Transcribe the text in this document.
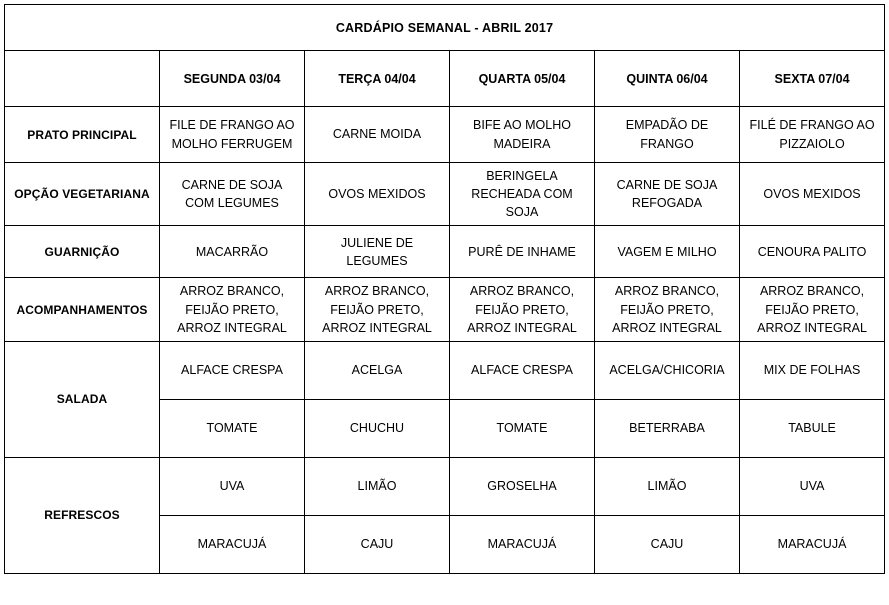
CARDÁPIO SEMANAL - ABRIL 2017					
	SEGUNDA 03/04	TERÇA 04/04	QUARTA 05/04	QUINTA 06/04	SEXTA 07/04
PRATO PRINCIPAL	FILE DE FRANGO AO MOLHO FERRUGEM	CARNE MOIDA	BIFE AO MOLHO MADEIRA	EMPADÃO DE FRANGO	FILÉ DE FRANGO AO PIZZAIOLO
OPÇÃO VEGETARIANA	CARNE DE SOJA COM LEGUMES	OVOS MEXIDOS	BERINGELA RECHEADA COM SOJA	CARNE DE SOJA REFOGADA	OVOS MEXIDOS
GUARNIÇÃO	MACARRÃO	JULIENE DE LEGUMES	PURÊ DE INHAME	VAGEM E MILHO	CENOURA PALITO
ACOMPANHAMENTOS	ARROZ BRANCO, FEIJÃO PRETO, ARROZ INTEGRAL	ARROZ BRANCO, FEIJÃO PRETO, ARROZ INTEGRAL	ARROZ BRANCO, FEIJÃO PRETO, ARROZ INTEGRAL	ARROZ BRANCO, FEIJÃO PRETO, ARROZ INTEGRAL	ARROZ BRANCO, FEIJÃO PRETO, ARROZ INTEGRAL
SALADA	ALFACE CRESPA	ACELGA	ALFACE CRESPA	ACELGA/CHICORIA	MIX DE FOLHAS
	TOMATE	CHUCHU	TOMATE	BETERRABA	TABULE
REFRESCOS	UVA	LIMÃO	GROSELHA	LIMÃO	UVA
	MARACUJÁ	CAJU	MARACUJÁ	CAJU	MARACUJÁ
